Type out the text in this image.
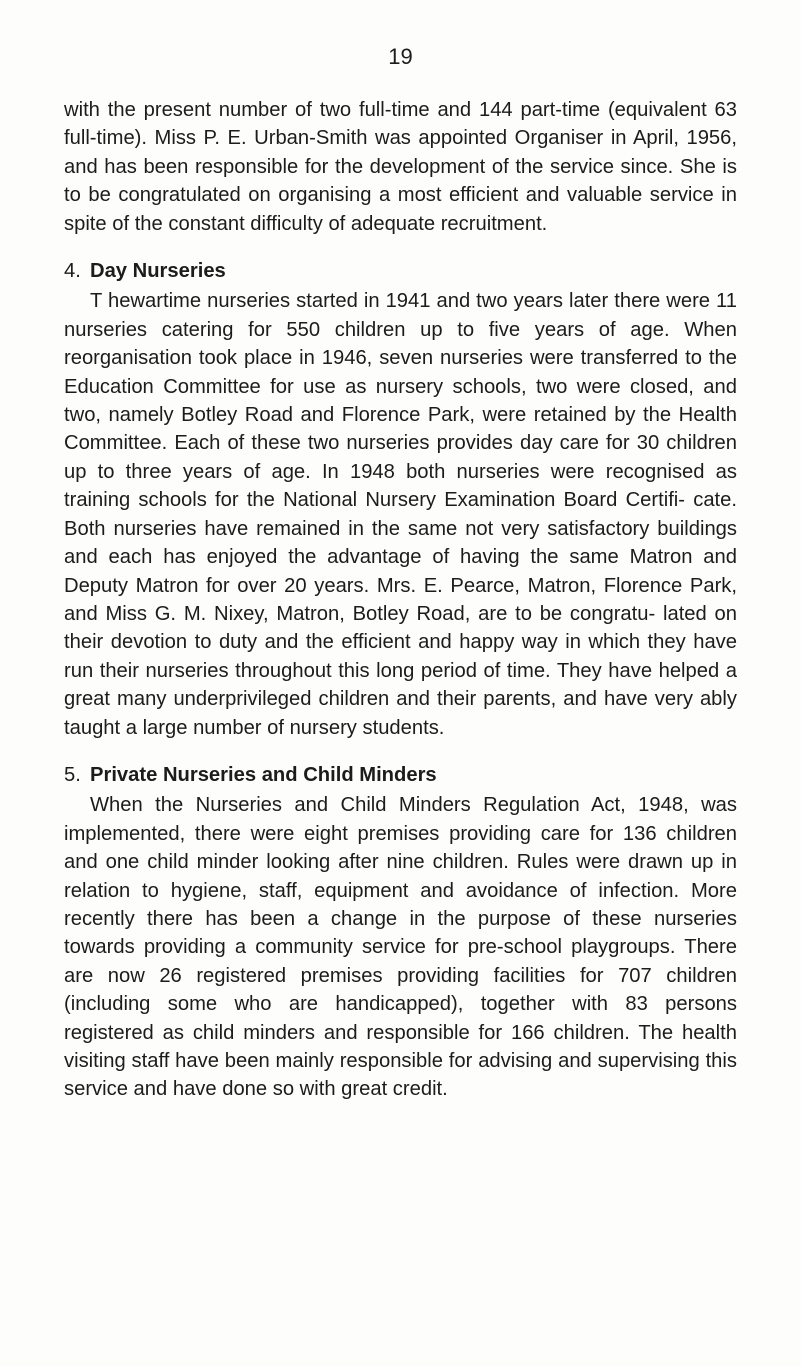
19

with the present number of two full-time and 144 part-time (equivalent 63 full-time). Miss P. E. Urban-Smith was appointed Organiser in April, 1956, and has been responsible for the development of the service since. She is to be congratulated on organising a most efficient and valuable service in spite of the constant difficulty of adequate recruitment.

4. Day Nurseries

T hewartime nurseries started in 1941 and two years later there were 11 nurseries catering for 550 children up to five years of age. When reorganisation took place in 1946, seven nurseries were transferred to the Education Committee for use as nursery schools, two were closed, and two, namely Botley Road and Florence Park, were retained by the Health Committee. Each of these two nurseries provides day care for 30 children up to three years of age. In 1948 both nurseries were recognised as training schools for the National Nursery Examination Board Certifi- cate. Both nurseries have remained in the same not very satisfactory buildings and each has enjoyed the advantage of having the same Matron and Deputy Matron for over 20 years. Mrs. E. Pearce, Matron, Florence Park, and Miss G. M. Nixey, Matron, Botley Road, are to be congratu- lated on their devotion to duty and the efficient and happy way in which they have run their nurseries throughout this long period of time. They have helped a great many underprivileged children and their parents, and have very ably taught a large number of nursery students.

5. Private Nurseries and Child Minders

When the Nurseries and Child Minders Regulation Act, 1948, was implemented, there were eight premises providing care for 136 children and one child minder looking after nine children. Rules were drawn up in relation to hygiene, staff, equipment and avoidance of infection. More recently there has been a change in the purpose of these nurseries towards providing a community service for pre-school playgroups. There are now 26 registered premises providing facilities for 707 children (including some who are handicapped), together with 83 persons registered as child minders and responsible for 166 children. The health visiting staff have been mainly responsible for advising and supervising this service and have done so with great credit.
